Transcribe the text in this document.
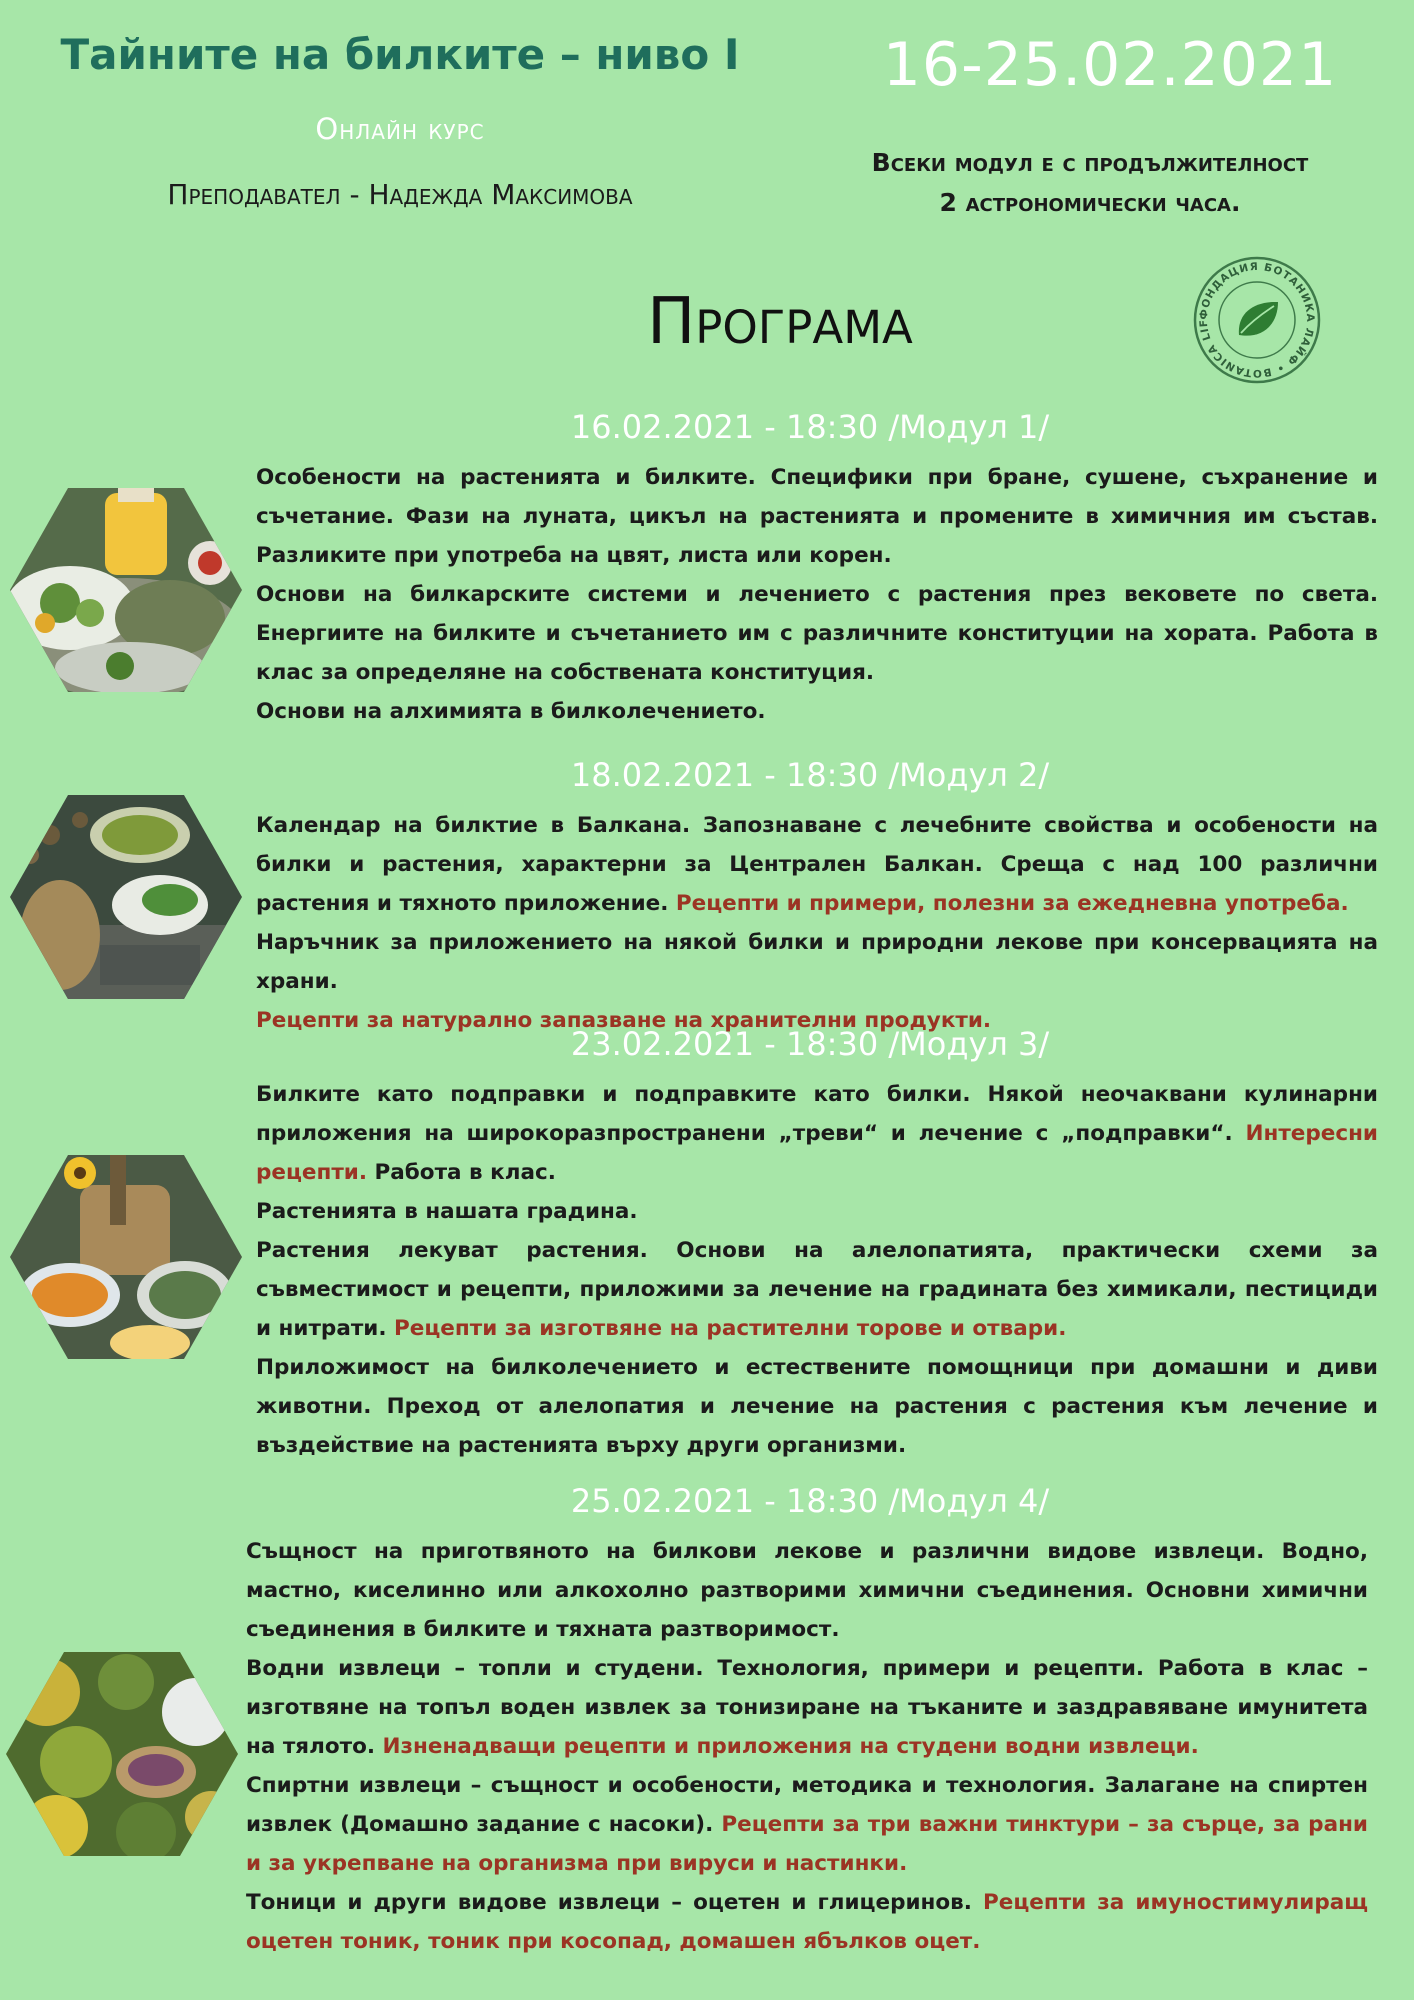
Тайните на билките – ниво I
Онлайн курс
Преподавател - Надежда Максимова
16-25.02.2021
Всеки модул е с продължителност
2 астрономически часа.
Програма	ФОНДАЦИЯ БОТАНИКА ЛАЙФ • BOTANICA LIF
16.02.2021 - 18:30 /Модул 1/

Особености на растенията и билките. Специфики при бране, сушене, съхранение и съчетание. Фази на луната, цикъл на растенията и промените в химичния им състав. Разликите при употреба на цвят, листа или корен.

Основи на билкарските системи и лечението с растения през вековете по света. Енергиите на билките и съчетанието им с различните конституции на хората. Работа в клас за определяне на собствената конституция.

Основи на алхимията в билколечението.

18.02.2021 - 18:30 /Модул 2/

Календар на билктие в Балкана. Запознаване с лечебните свойства и особености на билки и растения, характерни за Централен Балкан. Среща с над 100 различни растения и тяхното приложение. Рецепти и примери, полезни за ежедневна употреба.

Наръчник за приложението на някой билки и природни лекове при консервацията на храни.

Рецепти за натурално запазване на хранителни продукти.

23.02.2021 - 18:30 /Модул 3/

Билките като подправки и подправките като билки. Някой неочаквани кулинарни приложения на широкоразпространени „треви“ и лечение с „подправки“. Интересни рецепти. Работа в клас.

Растенията в нашата градина.

Растения лекуват растения. Основи на алелопатията, практически схеми за съвместимост и рецепти, приложими за лечение на градината без химикали, пестициди и нитрати. Рецепти за изготвяне на растителни торове и отвари.

Приложимост на билколечението и естествените помощници при домашни и диви животни. Преход от алелопатия и лечение на растения с растения към лечение и въздействие на растенията върху други организми.

25.02.2021 - 18:30 /Модул 4/

Същност на приготвяното на билкови лекове и различни видове извлеци. Водно, мастно, киселинно или алкохолно разтворими химични съединения. Основни химични съединения в билките и тяхната разтворимост.

Водни извлеци – топли и студени. Технология, примери и рецепти. Работа в клас – изготвяне на топъл воден извлек за тонизиране на тъканите и заздравяване имунитета на тялото. Изненадващи рецепти и приложения на студени водни извлеци.

Спиртни извлеци – същност и особености, методика и технология. Залагане на спиртен извлек (Домашно задание с насоки). Рецепти за три важни тинктури – за сърце, за рани и за укрепване на организма при вируси и настинки.

Тоници и други видове извлеци – оцетен и глицеринов. Рецепти за имуностимулиращ оцетен тоник, тоник при косопад, домашен ябълков оцет.
